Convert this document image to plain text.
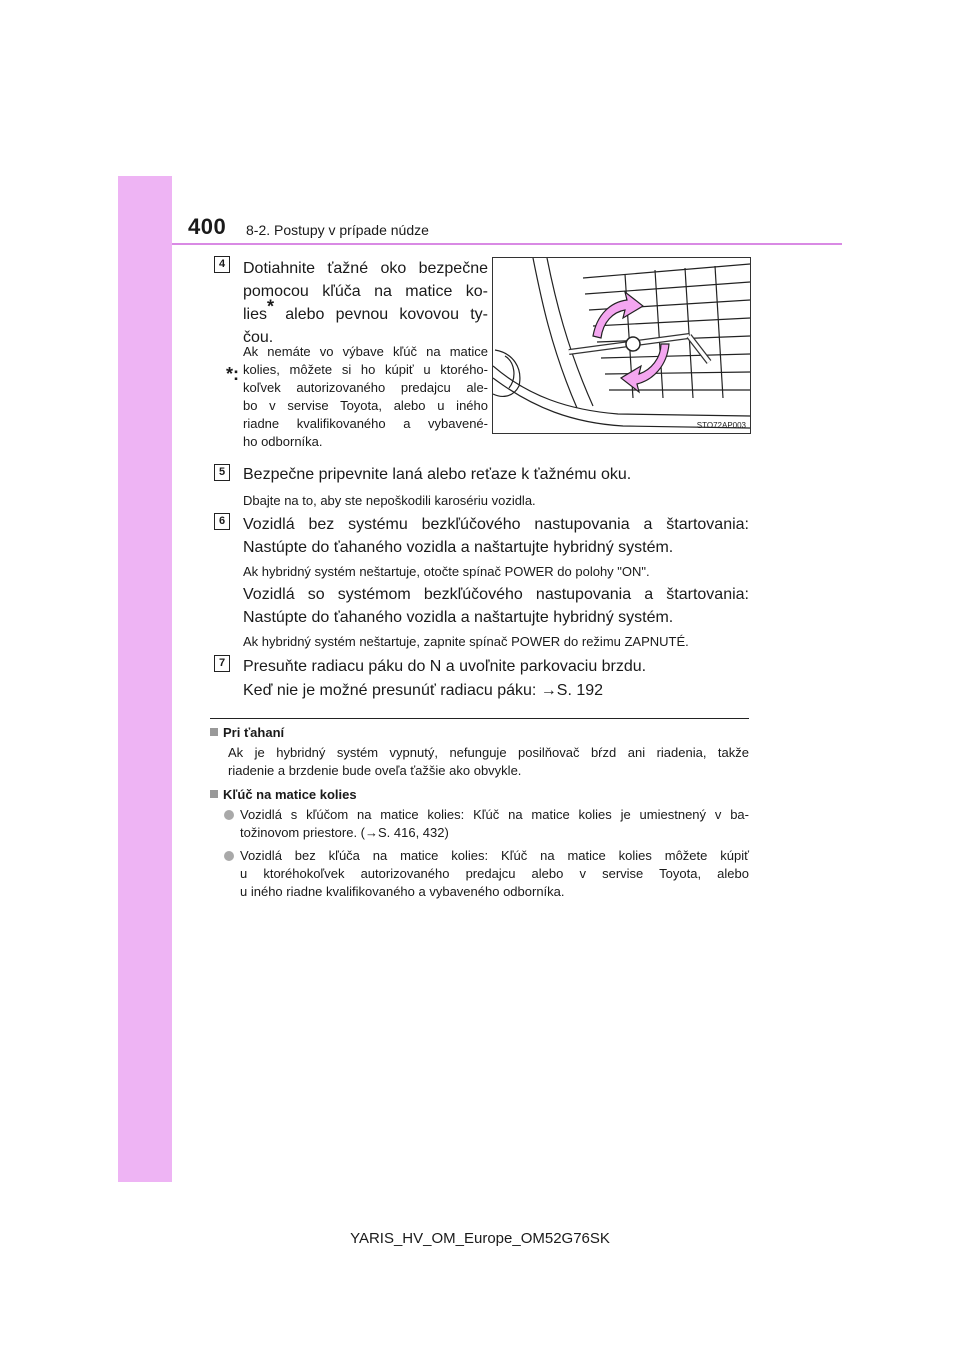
400 8-2. Postupy v prípade núdze
4	Dotiahnite ťažné oko bezpečne
pomocou kľúča na matice ko-
lies* alebo pevnou kovovou ty-
čou.
*:
Ak nemáte vo výbave kľúč na matice
kolies, môžete si ho kúpiť u ktorého-
koľvek autorizovaného predajcu ale-
bo v servise Toyota, alebo u iného
riadne kvalifikovaného a vybavené-
ho odborníka.
STO72AP003
5	Bezpečne pripevnite laná alebo reťaze k ťažnému oku.
Dbajte na to, aby ste nepoškodili karosériu vozidla.
6	Vozidlá bez systému bezkľúčového nastupovania a štartovania:
Nastúpte do ťahaného vozidla a naštartujte hybridný systém.
Ak hybridný systém neštartuje, otočte spínač POWER do polohy "ON".
Vozidlá so systémom bezkľúčového nastupovania a štartovania:
Nastúpte do ťahaného vozidla a naštartujte hybridný systém.
Ak hybridný systém neštartuje, zapnite spínač POWER do režimu ZAPNUTÉ.
7	Presuňte radiacu páku do N a uvoľnite parkovaciu brzdu.
Keď nie je možné presunúť radiacu páku: →S. 192
Pri ťahaní
Ak je hybridný systém vypnutý, nefunguje posilňovač bŕzd ani riadenia, takže
riadenie a brzdenie bude oveľa ťažšie ako obvykle.
Kľúč na matice kolies
Vozidlá s kľúčom na matice kolies: Kľúč na matice kolies je umiestnený v ba-
tožinovom priestore. (→S. 416, 432)
Vozidlá bez kľúča na matice kolies: Kľúč na matice kolies môžete kúpiť
u ktoréhokoľvek autorizovaného predajcu alebo v servise Toyota, alebo
u iného riadne kvalifikovaného a vybaveného odborníka.
YARIS_HV_OM_Europe_OM52G76SK
